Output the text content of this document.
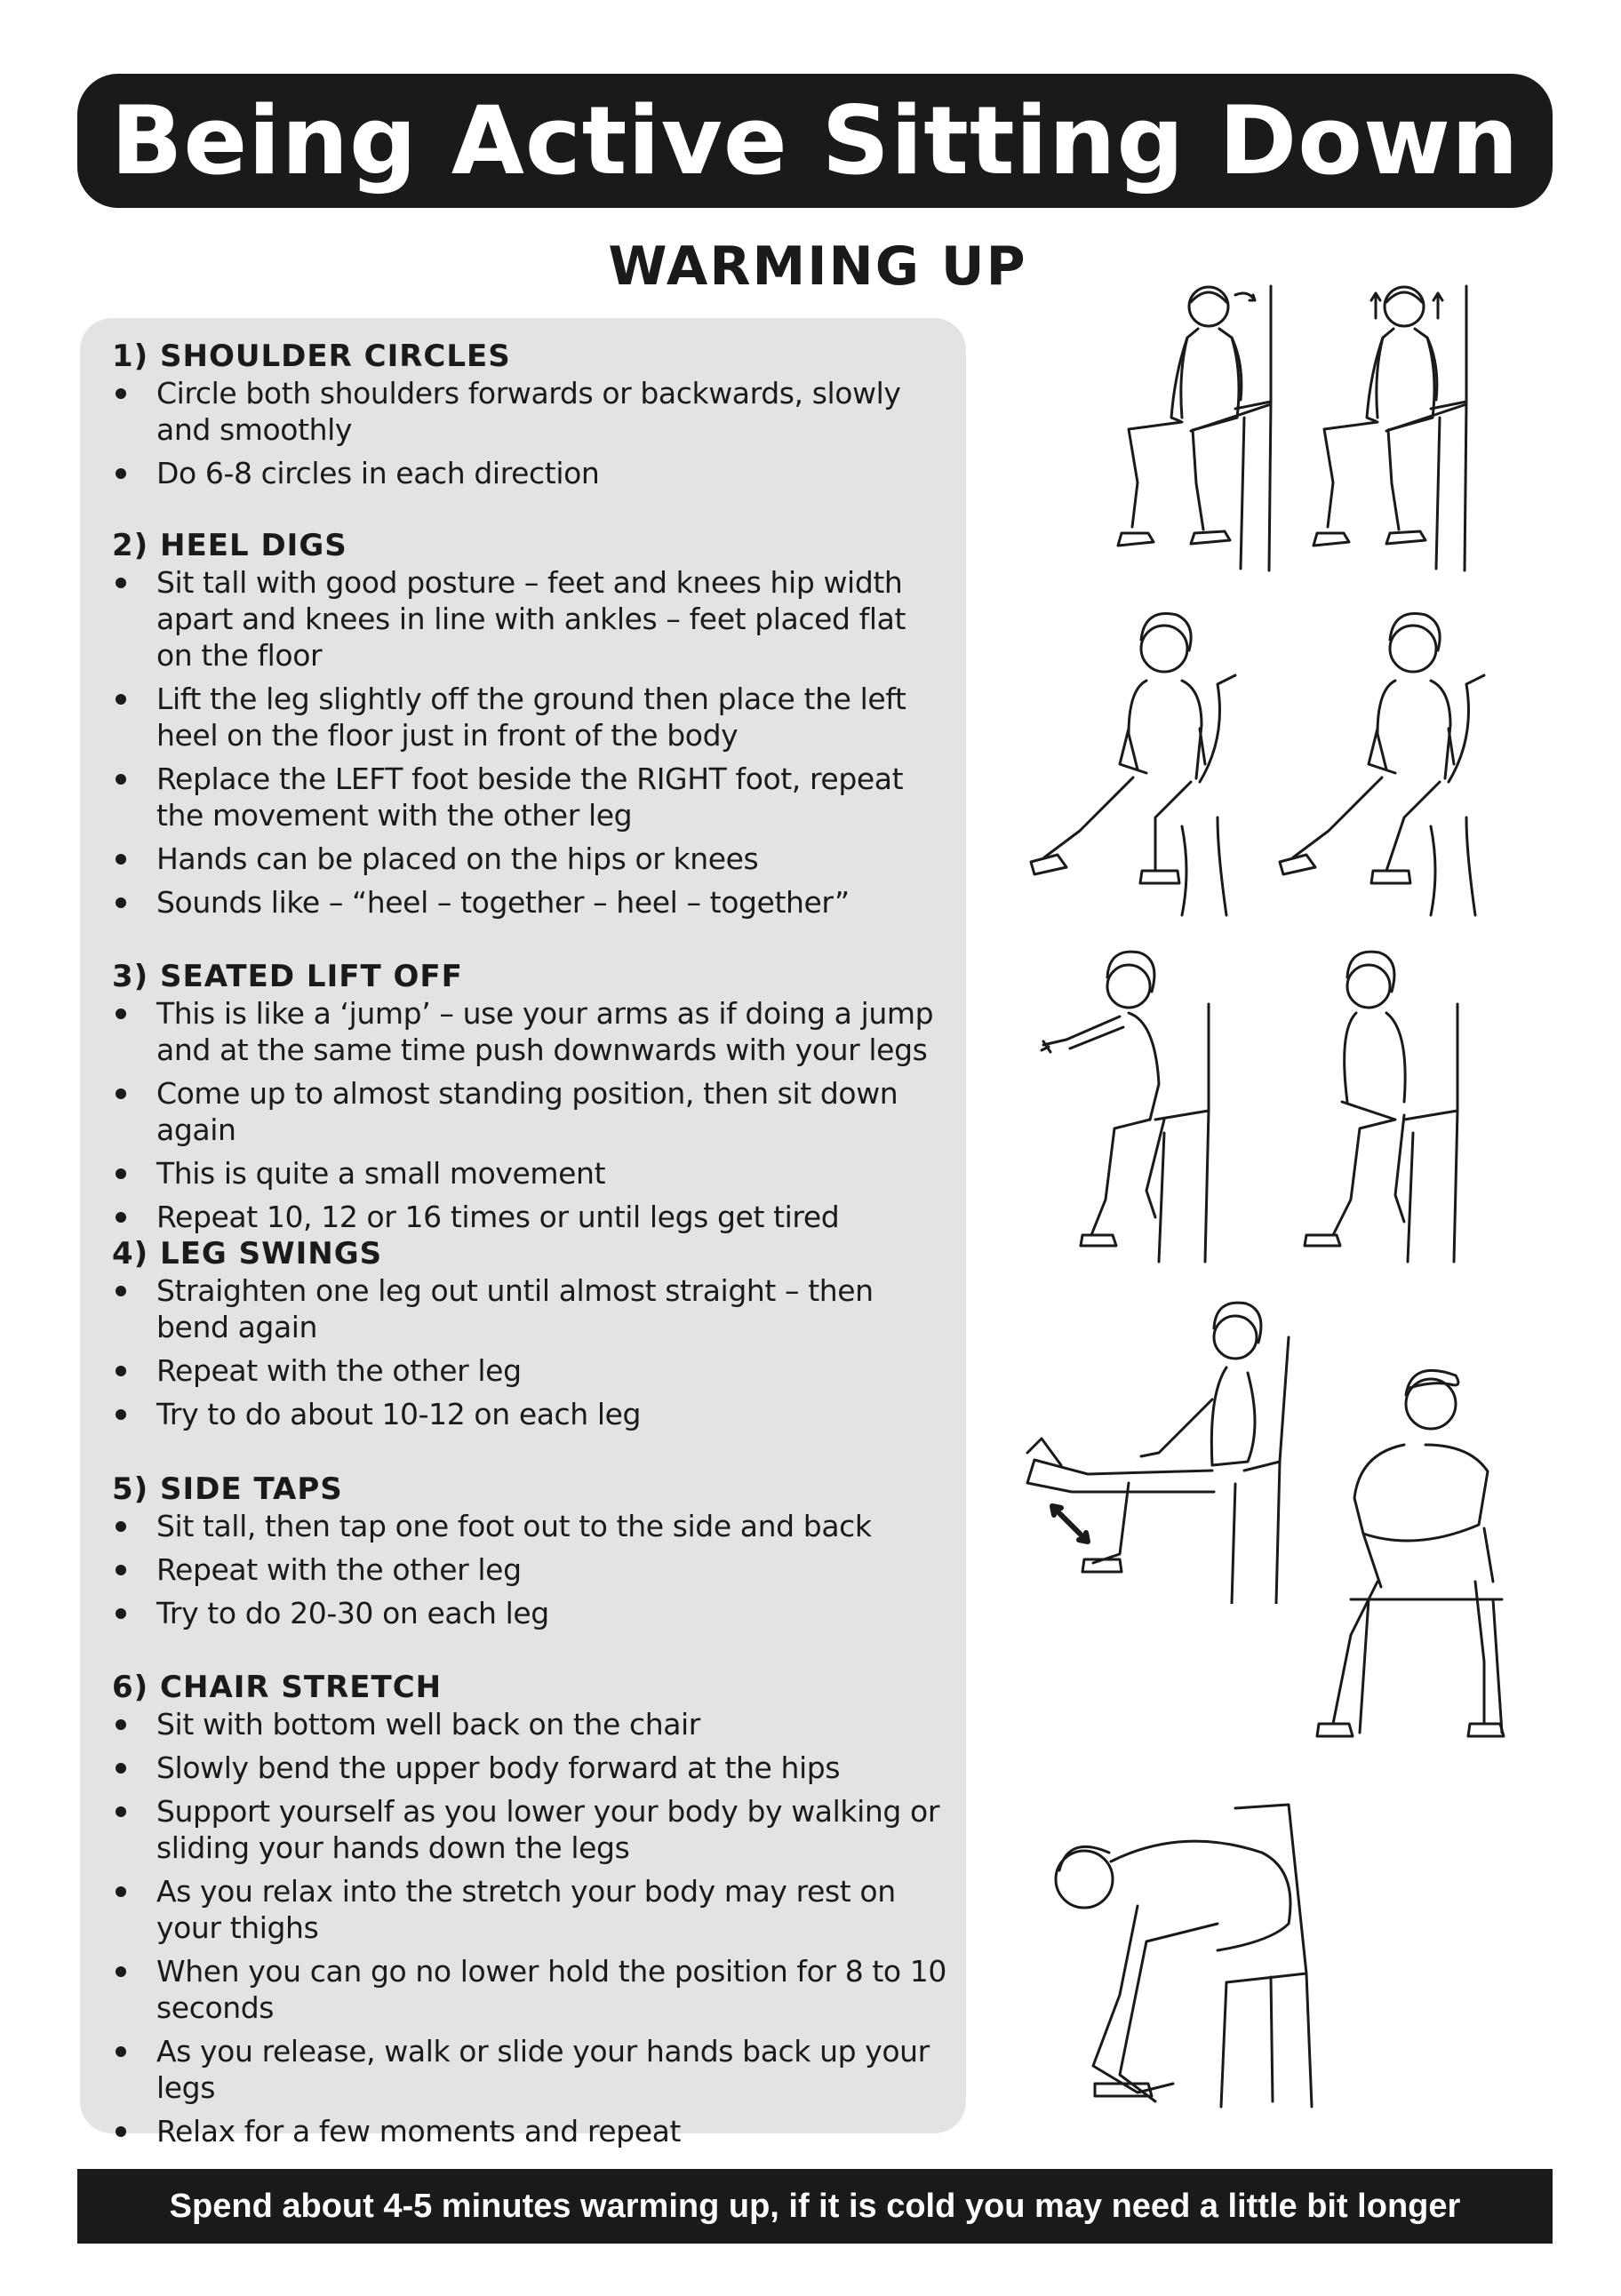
Being Active Sitting Down
WARMING UP
1) SHOULDER CIRCLES
Circle both shoulders forwards or backwards, slowly and smoothly
Do 6-8 circles in each direction
2) HEEL DIGS
Sit tall with good posture – feet and knees hip width apart and knees in line with ankles – feet placed flat on the floor
Lift the leg slightly off the ground then place the left heel on the floor just in front of the body
Replace the LEFT foot beside the RIGHT foot, repeat the movement with the other leg
Hands can be placed on the hips or knees
Sounds like – “heel – together – heel – together”
3) SEATED LIFT OFF
This is like a ‘jump’ – use your arms as if doing a jump and at the same time push downwards with your legs
Come up to almost standing position, then sit down again
This is quite a small movement
Repeat 10, 12 or 16 times or until legs get tired
4) LEG SWINGS
Straighten one leg out until almost straight – then bend again
Repeat with the other leg
Try to do about 10-12 on each leg
5) SIDE TAPS
Sit tall, then tap one foot out to the side and back
Repeat with the other leg
Try to do 20-30 on each leg
6) CHAIR STRETCH
Sit with bottom well back on the chair
Slowly bend the upper body forward at the hips
Support yourself as you lower your body by walking or sliding your hands down the legs
As you relax into the stretch your body may rest on your thighs
When you can go no lower hold the position for 8 to 10 seconds
As you release, walk or slide your hands back up your legs
Relax for a few moments and repeat
Spend about 4-5 minutes warming up, if it is cold you may need a little bit longer
